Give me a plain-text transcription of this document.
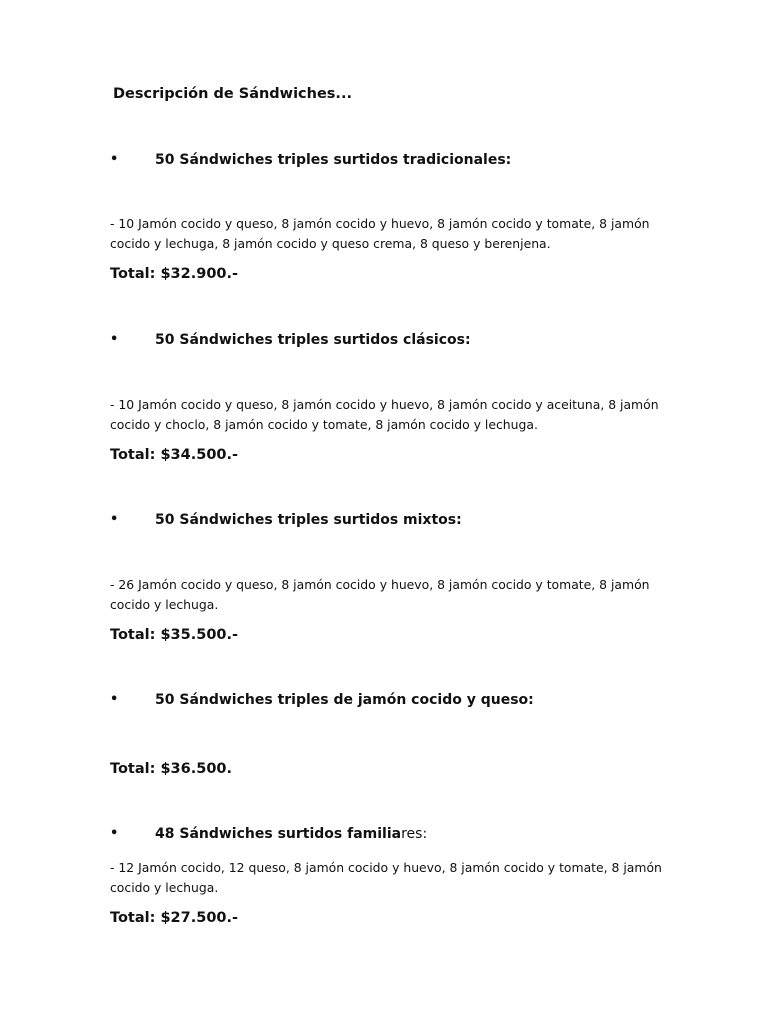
Descripción de Sándwiches...
•	50 Sándwiches triples surtidos tradicionales:
- 10 Jamón cocido y queso, 8 jamón cocido y huevo, 8 jamón cocido y tomate, 8 jamón cocido y lechuga, 8 jamón cocido y queso crema, 8 queso y berenjena.
Total: $32.900.-
•	50 Sándwiches triples surtidos clásicos:
- 10 Jamón cocido y queso, 8 jamón cocido y huevo, 8 jamón cocido y aceituna, 8 jamón cocido y choclo, 8 jamón cocido y tomate, 8 jamón cocido y lechuga.
Total: $34.500.-
•	50 Sándwiches triples surtidos mixtos:
- 26 Jamón cocido y queso, 8 jamón cocido y huevo, 8 jamón cocido y tomate, 8 jamón cocido y lechuga.
Total: $35.500.-
•	50 Sándwiches triples de jamón cocido y queso:
Total: $36.500.
•	48 Sándwiches surtidos familiares:
- 12 Jamón cocido, 12 queso, 8 jamón cocido y huevo, 8 jamón cocido y tomate, 8 jamón cocido y lechuga.
Total: $27.500.-
